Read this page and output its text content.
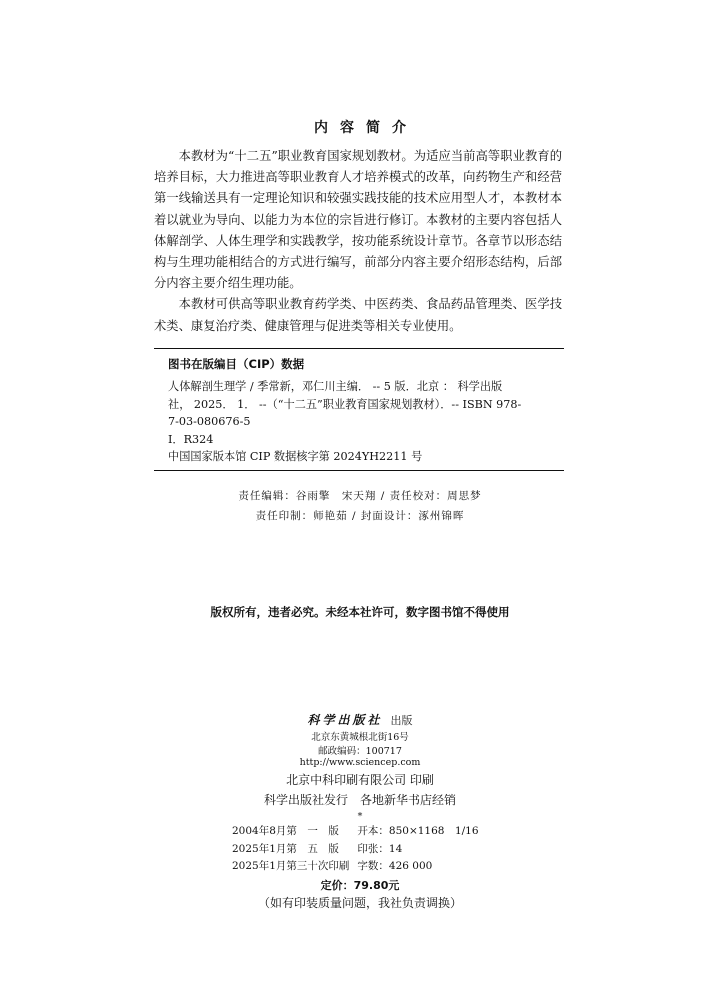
内容简介

本教材为“十二五”职业教育国家规划教材。为适应当前高等职业教育的培养目标，大力推进高等职业教育人才培养模式的改革，向药物生产和经营第一线输送具有一定理论知识和较强实践技能的技术应用型人才，本教材本着以就业为导向、以能力为本位的宗旨进行修订。本教材的主要内容包括人体解剖学、人体生理学和实践教学，按功能系统设计章节。各章节以形态结构与生理功能相结合的方式进行编写，前部分内容主要介绍形态结构，后部分内容主要介绍生理功能。

本教材可供高等职业教育药学类、中医药类、食品药品管理类、医学技术类、康复治疗类、健康管理与促进类等相关专业使用。

图书在版编目（CIP）数据
人体解剖生理学 / 季常新，邓仁川主编． -- 5 版．北京 ： 科学出版
社， 2025． 1． --（“十二五”职业教育国家规划教材）．-- ISBN 978-
7-03-080676-5
Ⅰ．R324
中国国家版本馆 CIP 数据核字第 2024YH2211 号
责任编辑：谷雨擎　宋天翔 / 责任校对：周思梦
责任印制：师艳茹 / 封面设计：涿州锦晖
版权所有，违者必究。未经本社许可，数字图书馆不得使用
科学出版社 出版
北京东黄城根北街16号
邮政编码：100717
http://www.sciencep.com
北京中科印刷有限公司 印刷
科学出版社发行　各地新华书店经销
*
2004年8月第　一　版	开本：	850×1168　1/16
2025年1月第　五　版	印张：	14
2025年1月第三十次印刷	字数：	426 000
定价：79.80元
（如有印装质量问题，我社负责调换）
